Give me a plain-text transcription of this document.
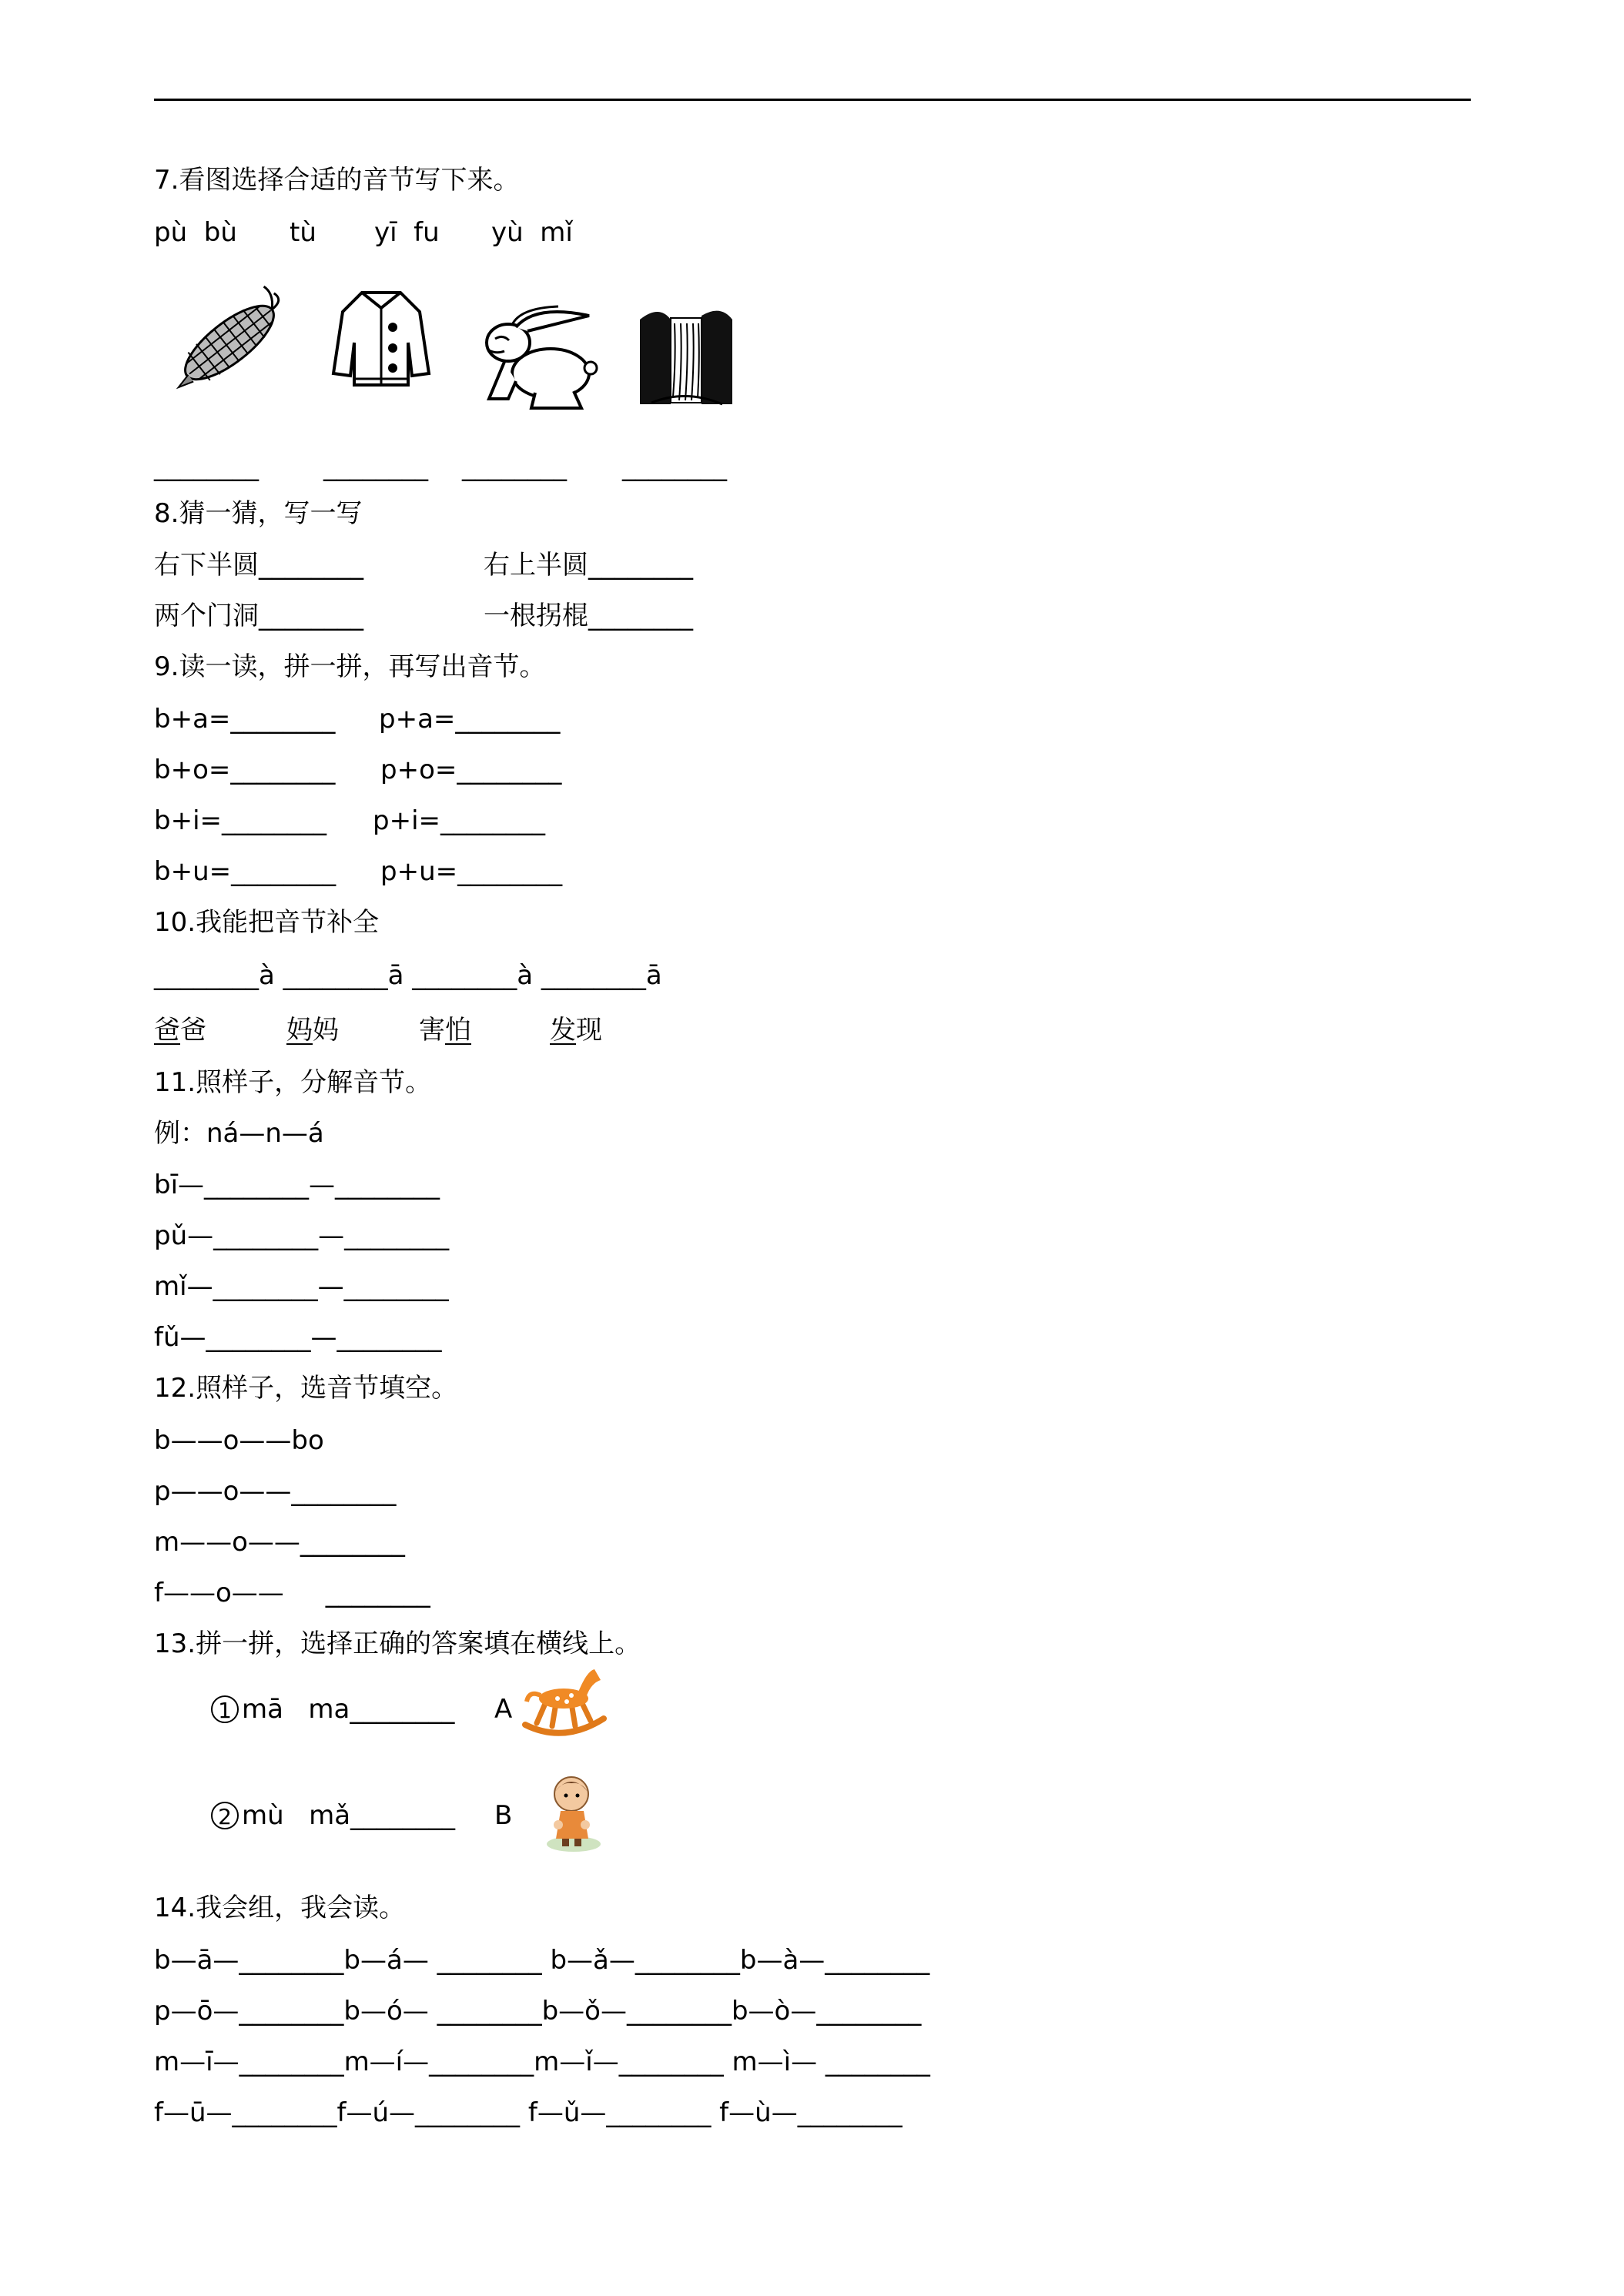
7.看图选择合适的音节写下来。
pù  bù tù yī  fu yù  mǐ
________ ________ ________ ________
8.猜一猜，写一写
右下半圆________	右上半圆________
两个门洞________	一根拐棍________
9.读一读，拼一拼，再写出音节。
b+a=________ p+a=________
b+o=________ p+o=________
b+i=________ p+i=________
b+u=________ p+u=________
10.我能把音节补全
________à ________ā ________à ________ā
爸爸	妈妈	害怕	发现
11.照样子，分解音节。
例：ná—n—á
bī—________—________
pǔ—________—________
mǐ—________—________
fǔ—________—________
12.照样子，选音节填空。
b——o——bo
p——o——________
m——o——________
f——o——     ________
13.拼一拼，选择正确的答案填在横线上。
1 mā   ma________ A
2 mù   mǎ________ B
14.我会组，我会读。
b—ā—________b—á— ________ b—ǎ—________b—à—________
p—ō—________b—ó— ________b—ǒ—________b—ò—________
m—ī—________m—í—________m—ǐ—________ m—ì— ________
f—ū—________f—ú—________ f—ǔ—________ f—ù—________
